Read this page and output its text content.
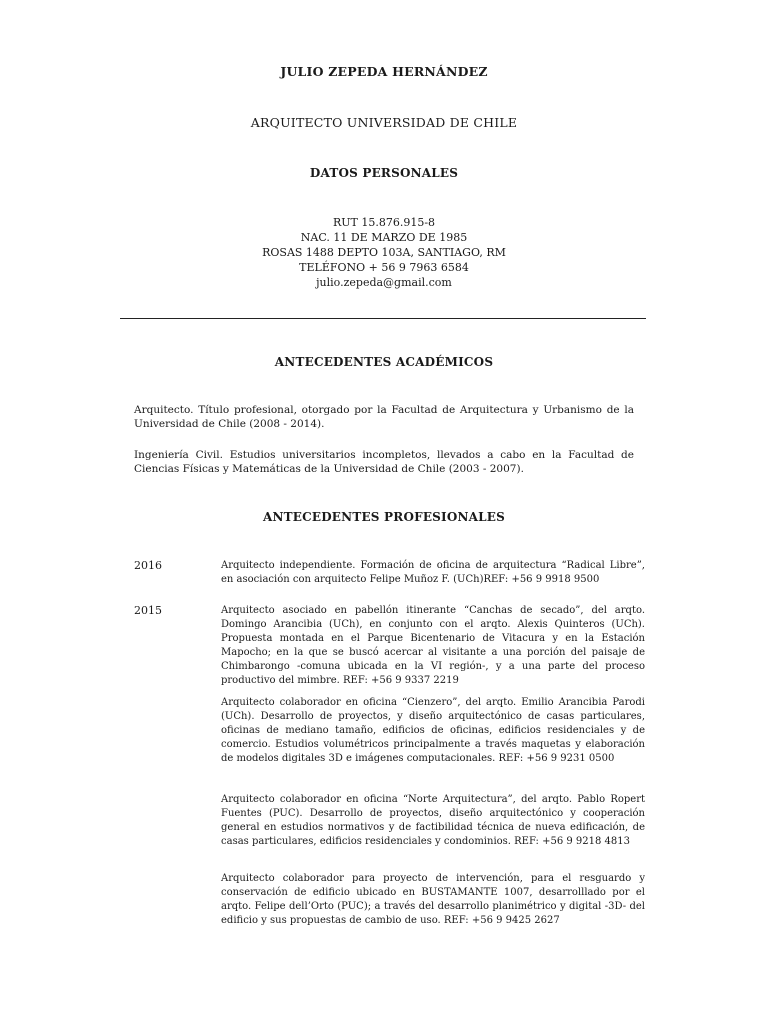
JULIO ZEPEDA HERNÁNDEZ
ARQUITECTO UNIVERSIDAD DE CHILE
DATOS PERSONALES
RUT 15.876.915-8
NAC. 11 DE MARZO DE 1985
ROSAS 1488 DEPTO 103A, SANTIAGO, RM
TELÉFONO + 56 9 7963 6584
julio.zepeda@gmail.com
ANTECEDENTES ACADÉMICOS
Arquitecto. Título profesional, otorgado por la Facultad de Arquitectura y Urbanismo de la Universidad de Chile (2008 - 2014).
Ingeniería Civil. Estudios universitarios incompletos, llevados a cabo en la Facultad de Ciencias Físicas y Matemáticas de la Universidad de Chile (2003 - 2007).
ANTECEDENTES PROFESIONALES
2016	Arquitecto independiente. Formación de oficina de arquitectura “Radical Libre”, en asociación con arquitecto Felipe Muñoz F. (UCh)REF: +56 9 9918 9500
2015	Arquitecto asociado en pabellón itinerante “Canchas de secado”, del arqto. Domingo Arancibia (UCh), en conjunto con el arqto. Alexis Quinteros (UCh). Propuesta montada en el Parque Bicentenario de Vitacura y en la Estación Mapocho; en la que se buscó acercar al visitante a una porción del paisaje de Chimbarongo -comuna ubicada en la VI región-, y a una parte del proceso productivo del mimbre. REF: +56 9 9337 2219
Arquitecto colaborador en oficina “Cienzero”, del arqto. Emilio Arancibia Parodi (UCh). Desarrollo de proyectos, y diseño arquitectónico de casas particulares, oficinas de mediano tamaño, edificios de oficinas, edificios residenciales y de comercio. Estudios volumétricos principalmente a través maquetas y elaboración de modelos digitales 3D e imágenes computacionales. REF: +56 9 9231 0500
Arquitecto colaborador en oficina “Norte Arquitectura”, del arqto. Pablo Ropert Fuentes (PUC). Desarrollo de proyectos, diseño arquitectónico y cooperación general en estudios normativos y de factibilidad técnica de nueva edificación, de casas particulares, edificios residenciales y condominios. REF: +56 9 9218 4813
Arquitecto colaborador para proyecto de intervención, para el resguardo y conservación de edificio ubicado en BUSTAMANTE 1007, desarrolllado por el arqto. Felipe dell’Orto (PUC); a través del desarrollo planimétrico y digital -3D- del edificio y sus propuestas de cambio de uso. REF: +56 9 9425 2627
